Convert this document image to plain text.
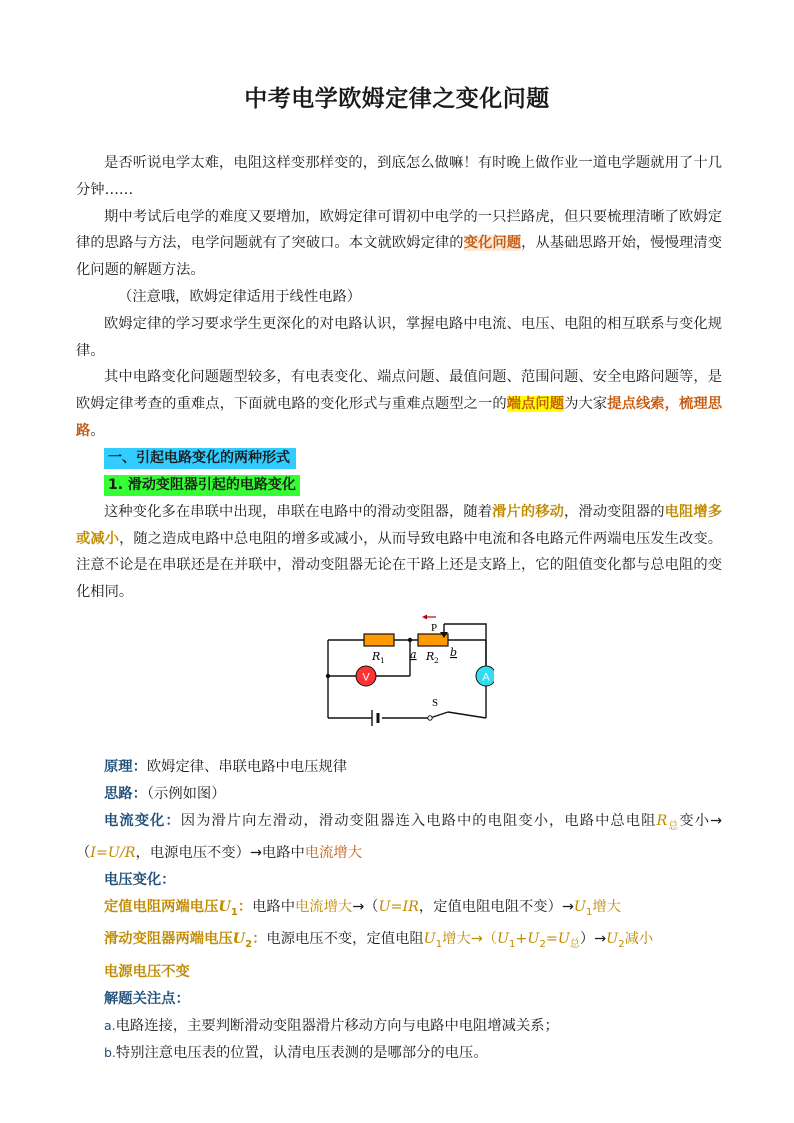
中考电学欧姆定律之变化问题

是否听说电学太难，电阻这样变那样变的，到底怎么做嘛！有时晚上做作业一道电学题就用了十几分钟……

期中考试后电学的难度又要增加，欧姆定律可谓初中电学的一只拦路虎，但只要梳理清晰了欧姆定律的思路与方法，电学问题就有了突破口。本文就欧姆定律的变化问题，从基础思路开始，慢慢理清变化问题的解题方法。

（注意哦，欧姆定律适用于线性电路）

欧姆定律的学习要求学生更深化的对电路认识，掌握电路中电流、电压、电阻的相互联系与变化规律。

其中电路变化问题题型较多，有电表变化、端点问题、最值问题、范围问题、安全电路问题等，是欧姆定律考查的重难点，下面就电路的变化形式与重难点题型之一的端点问题为大家提点线索，梳理思路。

一、引起电路变化的两种形式
1. 滑动变阻器引起的电路变化

这种变化多在串联中出现，串联在电路中的滑动变阻器，随着滑片的移动，滑动变阻器的电阻增多或减小，随之造成电路中总电阻的增多或减小，从而导致电路中电流和各电路元件两端电压发生改变。注意不论是在串联还是在并联中，滑动变阻器无论在干路上还是支路上，它的阻值变化都与总电阻的变化相同。

V	A
R 1	R 2
a	b
P
S

原理：欧姆定律、串联电路中电压规律

思路：（示例如图）

电流变化：因为滑片向左滑动，滑动变阻器连入电路中的电阻变小，电路中总电阻$R_总$变小→（I=U/R，电源电压不变）→电路中电流增大

电压变化：

定值电阻两端电压$U_1$：电路中电流增大→（U=IR，定值电阻电阻不变）$\to U_1$增大

滑动变阻器两端电压$U_2$：电源电压不变，定值电阻$U_1$增大$\to(U_1+U_2=U_总)\to U_2$减小

电源电压不变

解题关注点：

a.电路连接，主要判断滑动变阻器滑片移动方向与电路中电阻增减关系；

b.特别注意电压表的位置，认清电压表测的是哪部分的电压。
